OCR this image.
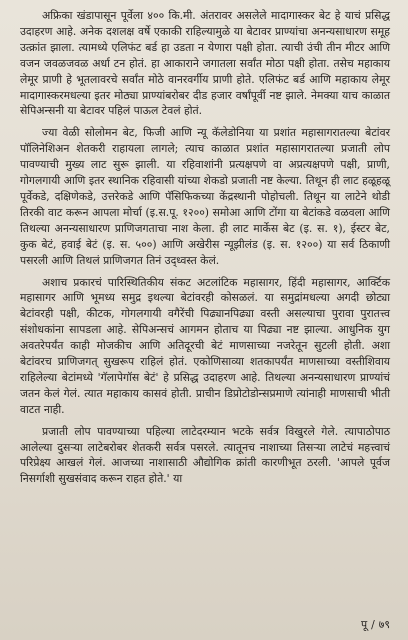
अफ्रिका खंडापासून पूर्वेला ४०० कि.मी. अंतरावर असलेले मादागास्कर बेट हे याचं प्रसिद्ध उदाहरण आहे. अनेक दशलक्ष वर्षे एकाकी राहिल्यामुळे या बेटावर प्राण्यांचा अनन्यसाधारण समूह उत्क्रांत झाला. त्यामध्ये एलिफंट बर्ड हा उडता न येणारा पक्षी होता. त्याची उंची तीन मीटर आणि वजन जवळजवळ अर्धा टन होतं. हा आकाराने जगातला सर्वांत मोठा पक्षी होता. तसेच महाकाय लेमूर प्राणी हे भूतलावरचे सर्वांत मोठे वानरवर्गीय प्राणी होते. एलिफंट बर्ड आणि महाकाय लेमूर मादागास्करमधल्या इतर मोठ्या प्राण्यांबरोबर दीड हजार वर्षांपूर्वी नष्ट झाले. नेमक्या याच काळात सेपिअन्सनी या बेटावर पहिलं पाऊल टेवलं होतं.

ज्या वेळी सोलोमन बेट, फिजी आणि न्यू कॅलेडोनिया या प्रशांत महासागरातल्या बेटांवर पॉलिनेशिअन शेतकरी राहायला लागले; त्याच काळात प्रशांत महासागरातल्या प्रजाती लोप पावण्याची मुख्य लाट सुरू झाली. या रहिवाशांनी प्रत्यक्षपणे वा अप्रत्यक्षपणे पक्षी, प्राणी, गोगलगायी आणि इतर स्थानिक रहिवासी यांच्या शेकडो प्रजाती नष्ट केल्या. तिथून ही लाट हळूहळू पूर्वेकडे, दक्षिणेकडे, उत्तरेकडे आणि पॅसिफिकच्या केंद्रस्थानी पोहोचली. तिथून या लाटेने थोडी तिरकी वाट करून आपला मोर्चा (इ.स.पू. १२००) समोआ आणि टोंगा या बेटांकडे वळवला आणि तिथल्या अनन्यसाधारण प्राणिजगताचा नाश केला. ही लाट मार्केस बेट (इ. स. १), ईस्टर बेट, कुक बेटं, हवाई बेटं (इ. स. ५००) आणि अखेरीस न्यूझीलंड (इ. स. १२००) या सर्व ठिकाणी पसरली आणि तिथलं प्राणिजगत तिनं उद्ध्वस्त केलं.

अशाच प्रकारचं पारिस्थितिकीय संकट अटलांटिक महासागर, हिंदी महासागर, आर्क्टिक महासागर आणि भूमध्य समुद्र इथल्या बेटांवरही कोसळलं. या समुद्रांमधल्या अगदी छोट्या बेटांवरही पक्षी, कीटक, गोगलगायी वगैरेंची पिढ्यानपिढ्या वस्ती असल्याचा पुरावा पुरातत्त्व संशोधकांना सापडला आहे. सेपिअन्सचं आगमन होताच या पिढ्या नष्ट झाल्या. आधुनिक युग अवतरेपर्यंत काही मोजकीच आणि अतिदूरची बेटं माणसाच्या नजरेतून सुटली होती. अशा बेटांवरच प्राणिजगत् सुखरूप राहिलं होतं. एकोणिसाव्या शतकापर्यंत माणसाच्या वस्तीशिवाय राहिलेल्या बेटांमध्ये 'गॅलापेगॉस बेटं' हे प्रसिद्ध उदाहरण आहे. तिथल्या अनन्यसाधारण प्राण्यांचं जतन केलं गेलं. त्यात महाकाय कासवं होती. प्राचीन डिप्रोटोडोन्सप्रमाणे त्यांनाही माणसाची भीती वाटत नाही.

प्रजाती लोप पावण्याच्या पहिल्या लाटेदरम्यान भटके सर्वत्र विखुरले गेले. त्यापाठोपाठ आलेल्या दुसऱ्या लाटेबरोबर शेतकरी सर्वत्र पसरले. त्यातूनच नाशाच्या तिसऱ्या लाटेचं महत्त्वाचं परिप्रेक्ष्य आखलं गेलं. आजच्या नाशासाठी औद्योगिक क्रांती कारणीभूत ठरली. 'आपले पूर्वज निसर्गाशी सुखसंवाद करून राहत होते.' या

पू / ७९
